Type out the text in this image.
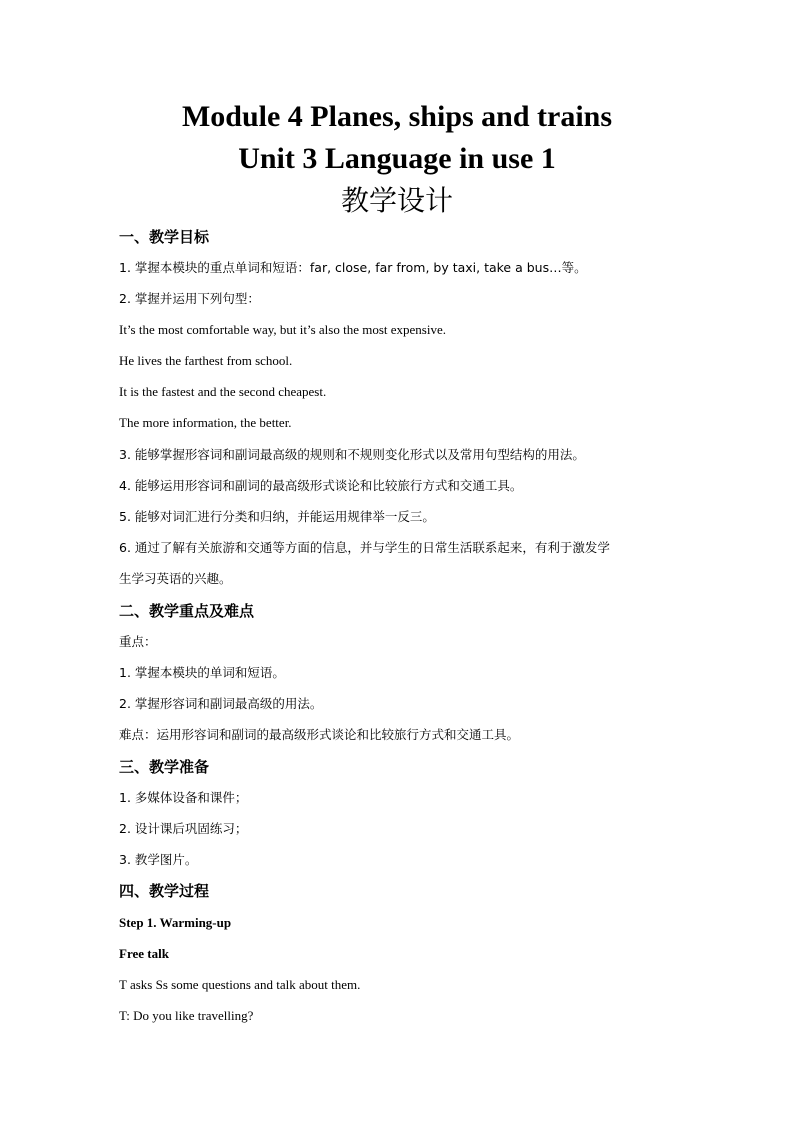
Module 4 Planes, ships and trains
Unit 3 Language in use 1
教学设计
一、教学目标
1. 掌握本模块的重点单词和短语：far, close, far from, by taxi, take a bus…等。
2. 掌握并运用下列句型：
It’s the most comfortable way, but it’s also the most expensive.
He lives the farthest from school.
It is the fastest and the second cheapest.
The more information, the better.
3. 能够掌握形容词和副词最高级的规则和不规则变化形式以及常用句型结构的用法。
4. 能够运用形容词和副词的最高级形式谈论和比较旅行方式和交通工具。
5. 能够对词汇进行分类和归纳，并能运用规律举一反三。
6. 通过了解有关旅游和交通等方面的信息，并与学生的日常生活联系起来，有利于激发学
生学习英语的兴趣。
二、教学重点及难点
重点：
1. 掌握本模块的单词和短语。
2. 掌握形容词和副词最高级的用法。
难点：运用形容词和副词的最高级形式谈论和比较旅行方式和交通工具。
三、教学准备
1. 多媒体设备和课件；
2. 设计课后巩固练习；
3. 教学图片。
四、教学过程
Step 1. Warming-up
Free talk
T asks Ss some questions and talk about them.
T: Do you like travelling?
